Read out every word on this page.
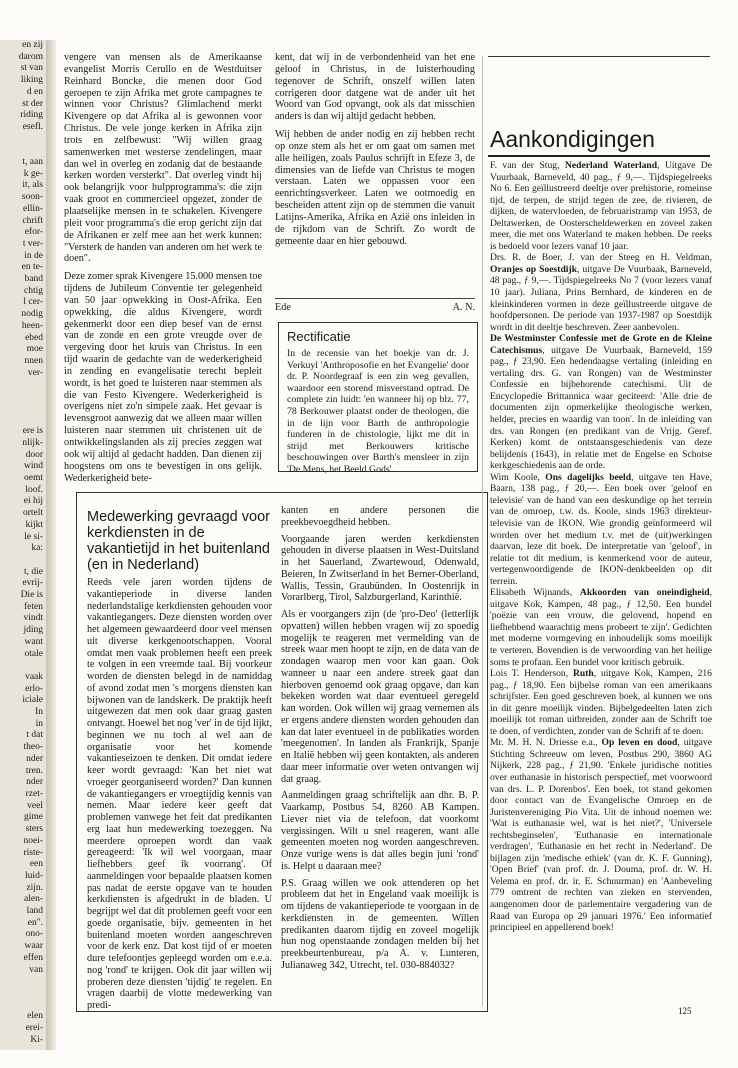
en zij
darom
st van
liking
d en
st der
riding
esefl.

t, aan
k ge-
it, als
soon-
ellin-
chrift
efor-
t ver-
in de
en te-
band
chtig
l cer-
nodig
heen-
ebed
moe
nnen
ver-

ere is
nlijk-
door
wind
oemt
loof.
ei hij
ortelt
kijkt
le si-
ka:

t, die
evrij-
Die is
feten
vindt
jding
want
otale

vaak
erlo-
iciale
In
in
t dat
theo-
nder
tren.
nder
rzet-
veel
gime
sters
noei-
riste-
een
luid-
zijn.
alen-
land
en".
ono-
waar
effen
van

elen
erei-
Ki-

vengere van mensen als de Amerikaanse evangelist Morris Cerullo en de Westduitser Reinhard Boncke, die menen door God geroepen te zijn Afrika met grote campagnes te winnen voor Christus? Glimlachend merkt Kivengere op dat Afrika al is gewonnen voor Christus. De vele jonge kerken in Afrika zijn trots en zelfbewust: "Wij willen graag samenwerken met westerse zendelingen, maar dan wel in overleg en zodanig dat de bestaande kerken worden versterkt". Dat overleg vindt hij ook belangrijk voor hulpprogramma's: die zijn vaak groot en commercieel opgezet, zonder de plaatselijke mensen in te schakelen. Kivengere pleit voor programma's die erop gericht zijn dat de Afrikanen er zelf mee aan het werk kunnen: "Versterk de handen van anderen om het werk te doen".

Deze zomer sprak Kivengere 15.000 mensen toe tijdens de Jubileum Conventie ter gelegenheid van 50 jaar opwekking in Oost-Afrika. Een opwekking, die aldus Kivengere, wordt gekenmerkt door een diep besef van de ernst van de zonde en een grote vreugde over de vergeving door het kruis van Christus. In een tijd waarin de gedachte van de wederkerigheid in zending en evangelisatie terecht bepleit wordt, is het goed te luisteren naar stemmen als die van Festo Kivengere. Wederkerigheid is overigens niet zo'n simpele zaak. Het gevaar is levensgroot aanwezig dat we alleen maar willen luisteren naar stemmen uit christenen uit de ontwikkelingslanden als zij precies zeggen wat ook wij altijd al gedacht hadden. Dan dienen zij hoogstens om ons te bevestigen in ons gelijk. Wederkerigheid bete-

kent, dat wij in de verbondenheid van het ene geloof in Christus, in de luisterhouding tegenover de Schrift, onszelf willen laten corrigeren door datgene wat de ander uit het Woord van God opvangt, ook als dat misschien anders is dan wij altijd gedacht hebben.

Wij hebben de ander nodig en zij hebben recht op onze stem als het er om gaat om samen met alle heiligen, zoals Paulus schrijft in Efeze 3, de dimensies van de liefde van Christus te mogen verstaan. Laten we oppassen voor een eenrichtingsverkeer. Laten we ootmoedig en bescheiden attent zijn op de stemmen die vanuit Latijns-Amerika, Afrika en Azië ons inleiden in de rijkdom van de Schrift. Zo wordt de gemeente daar en hier gebouwd.

Ede	A. N.
Rectificatie
In de recensie van het boekje van dr. J. Verkuyl 'Anthroposofie en het Evangelie' door dr. P. Noordegraaf is een zin weg gevallen, waardoor een storend misverstand optrad. De complete zin luidt: 'en wanneer hij op blz. 77, 78 Berkouwer plaatst onder de theologen, die in de lijn voor Barth de anthropologie funderen in de chistologie, lijkt me dit in strijd met Berkouwers kritische beschouwingen over Barth's mensleer in zijn 'De Mens, het Beeld Gods'.
Medewerking gevraagd voor kerkdiensten in de vakantietijd in het buitenland (en in Nederland)

Reeds vele jaren worden tijdens de vakantieperiode in diverse landen nederlandstalige kerkdiensten gehouden voor vakantiegangers. Deze diensten worden over het algemeen gewaardeerd door veel mensen uit diverse kerkgenootschappen. Vooral omdat men vaak problemen heeft een preek te volgen in een vreemde taal. Bij voorkeur worden de diensten belegd in de namiddag of avond zodat men 's morgens diensten kan bijwonen van de landskerk. De praktijk heeft uitgewezen dat men ook daar graag gasten ontvangt. Hoewel het nog 'ver' in de tijd lijkt, beginnen we nu toch al wel aan de organisatie voor het komende vakantieseizoen te denken. Dit omdat iedere keer wordt gevraagd: 'Kan het niet wat vroeger georganiseerd worden?' Dan kunnen de vakantiegangers er vroegtijdig kennis van nemen. Maar iedere keer geeft dat problemen vanwege het feit dat predikanten erg laat hun medewerking toezeggen. Na meerdere oproepen wordt dan vaak gereageerd: 'Ik wil wel voorgaan, maar liefhebbers geef ik voorrang'. Of aanmeldingen voor bepaalde plaatsen komen pas nadat de eerste opgave van te houden kerkdiensten is afgedrukt in de bladen. U begrijpt wel dat dit problemen geeft voor een goede organisatie, bijv. gemeenten in het buitenland moeten worden aangeschreven voor de kerk enz. Dat kost tijd of er moeten dure telefoontjes gepleegd worden om e.e.a. nog 'rond' te krijgen. Ook dit jaar willen wij proberen deze diensten 'tijdig' te regelen. En vragen daarbij de vlotte medewerking van predi-

kanten en andere personen die preekbevoegdheid hebben.

Voorgaande jaren werden kerkdiensten gehouden in diverse plaatsen in West-Duitsland in het Sauerland, Zwartewoud, Odenwald, Beieren, In Zwitserland in het Berner-Oberland, Wallis, Tessin, Graubünden. In Oostenrijk in Vorarlberg, Tirol, Salzburgerland, Karinthië.

Als er voorgangers zijn (de 'pro-Deo' (letterlijk opvatten) willen hebben vragen wij zo spoedig mogelijk te reageren met vermelding van de streek waar men hoopt te zijn, en de data van de zondagen waarop men voor kan gaan. Ook wanneer u naar een andere streek gaat dan hierboven genoemd ook graag opgave, dan kan bekeken worden wat daar eventueel geregeld kan worden. Ook willen wij graag vernemen als er ergens andere diensten worden gehouden dan kan dat later eventueel in de publikaties worden 'meegenomen'. In landen als Frankrijk, Spanje en Italië hebben wij geen kontakten, als anderen daar meer informatie over weten ontvangen wij dat graag.

Aanmeldingen graag schriftelijk aan dhr. B. P. Vaarkamp, Postbus 54, 8260 AB Kampen. Liever niet via de telefoon, dat voorkomt vergissingen. Wilt u snel reageren, want alle gemeenten moeten nog worden aangeschreven. Onze vurige wens is dat alles begin juni 'rond' is. Helpt u daaraan mee?

P.S. Graag willen we ook attenderen op het probleem dat het in Engeland vaak moeilijk is om tijdens de vakantieperiode te voorgaan in de kerkdiensten in de gemeenten. Willen predikanten daarom tijdig en zoveel mogelijk hun nog openstaande zondagen melden bij het preekbeurtenbureau, p/a A. v. Lunteren, Julianaweg 342, Utrecht, tel. 030-884032?

Aankondigingen

F. van der Stug, Nederland Waterland, Uitgave De Vuurbaak, Barneveld, 40 pag., ƒ 9,—. Tijdspiegelreeks No 6. Een geïllustreerd deeltje over prehistorie, romeinse tijd, de terpen, de strijd tegen de zee, de rivieren, de dijken, de watervloeden, de februaristramp van 1953, de Deltawerken, de Oosterscheldewerken en zoveel zaken meer, die met ons Waterland te maken hebben. De reeks is bedoeld voor lezers vanaf 10 jaar.

Drs. R. de Boer, J. van der Steeg en H. Veldman, Oranjes op Soestdijk, uitgave De Vuurbaak, Barneveld, 48 pag., ƒ 9,—. Tijdspiegelreeks No 7 (voor lezers vanaf 10 jaar). Juliana, Prins Bernhard, de kinderen en de kleinkinderen vormen in deze geïllustreerde uitgave de hoofdpersonen. De periode van 1937-1987 op Soestdijk wordt in dit deeltje beschreven. Zeer aanbevolen.

De Westminster Confessie met de Grote en de Kleine Catechismus, uitgave De Vuurbaak, Barneveld, 159 pag., ƒ 23,90. Een hedendaagse vertaling (inleiding en vertaling drs. G. van Rongen) van de Westminster Confessie en bijbehorende catechismi. Uit de Encyclopedie Brittannica waar geciteerd: 'Alle drie de documenten zijn opmerkelijke theologische werken, helder, precies en waardig van toon'. In de inleiding van drs. van Rongen (en predikant van de Vrijg. Geref. Kerken) komt de ontstaansgeschiedenis van deze belijdenis (1643), in relatie met de Engelse en Schotse kerkgeschiedenis aan de orde.

Wim Koole, Ons dagelijks beeld, uitgave ten Have, Baarn, 138 pag., ƒ 20,—. Een boek over 'geloof en televisie' van de hand van een deskundige op het terrein van de omroep, t.w. ds. Koole, sinds 1963 direkteur-televisie van de IKON. Wie grondig geïnformeerd wil worden over het medium t.v. met de (uit)werkingen daarvan, leze dit boek. De interpretatie van 'geloof', in relatie tot dit medium, is kenmerkend voor de auteur, vertegenwoordigende de IKON-denkbeelden op dit terrein.

Elisabeth Wijnands, Akkoorden van oneindigheid, uitgave Kok, Kampen, 48 pag., ƒ 12,50. Een bundel 'poëzie van een vrouw, die gelovend, hopend en liefhebbend waarachtig mens probeert te zijn'. Gedichten met moderne vormgeving en inhoudelijk soms moeilijk te verteren. Bovendien is de verwoording van het heilige soms te profaan. Een bundel voor kritisch gebruik.

Lois T. Henderson, Ruth, uitgave Kok, Kampen, 216 pag., ƒ 18,90. Een bijbelse roman van een amerikaans schrijfster. Een goed geschreven boek, al kunnen we ons in dit genre moeilijk vinden. Bijbelgedeelten laten zich moeilijk tot roman uitbreiden, zonder aan de Schrift toe te doen, of verdichten, zonder van de Schrift af te doen.

Mr. M. H. N. Driesse e.a., Op leven en dood, uitgave Stichting Schreeuw om leven, Postbus 290, 3860 AG Nijkerk, 228 pag., ƒ 21,90. 'Enkele juridische notities over euthanasie in historisch perspectief, met voorwoord van drs. L. P. Dorenbos'. Een boek, tot stand gekomen door contact van de Evangelische Omroep en de Juristenvereniging Pio Vita. Uit de inhoud noemen we: 'Wat is euthanasie wel, wat is het niet?', 'Universele rechtsbeginselen', 'Euthanasie en internationale verdragen', 'Euthanasie en het recht in Nederland'. De bijlagen zijn 'medische ethiek' (van dr. K. F. Gunning), 'Open Brief' (van prof. dr. J. Douma, prof. dr. W. H. Velema en prof. dr. ir. E. Schuurman) en 'Aanbeveling 779 omtrent de rechten van zieken en stervenden, aangenomen door de parlementaire vergadering van de Raad van Europa op 29 januari 1976.' Een informatief principieel en appellerend boek!

125
